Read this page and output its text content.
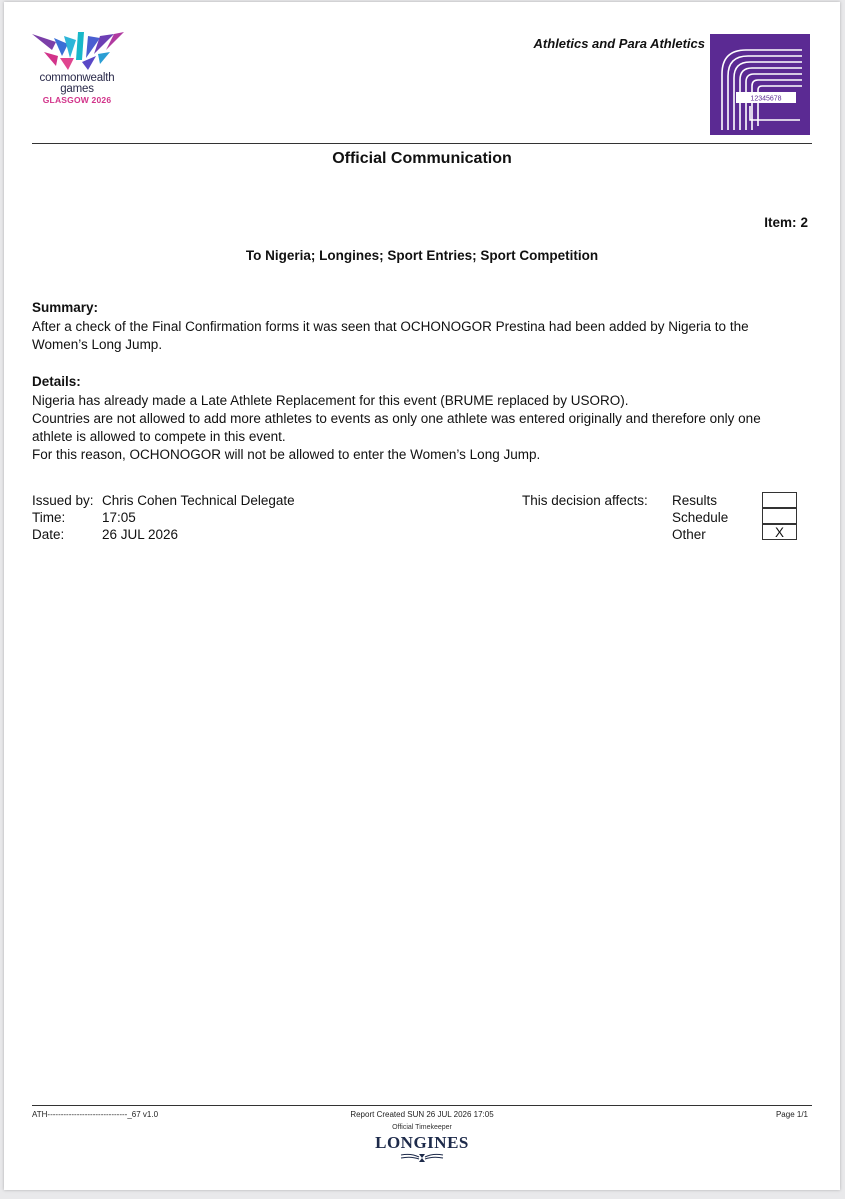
commonwealth
games
GLASGOW 2026
Athletics and Para Athletics
12345678
Official Communication
Item: 2
To Nigeria; Longines; Sport Entries; Sport Competition
Summary:

After a check of the Final Confirmation forms it was seen that OCHONOGOR Prestina had been added by Nigeria to the

Women’s Long Jump.

Details:

Nigeria has already made a Late Athlete Replacement for this event (BRUME replaced by USORO).

Countries are not allowed to add more athletes to events as only one athlete was entered originally and therefore only one

athlete is allowed to compete in this event.

For this reason, OCHONOGOR will not be allowed to enter the Women’s Long Jump.

Issued by: Chris Cohen Technical Delegate
Time:	17:05
Date:	26 JUL 2026
This decision affects: Results
Schedule
Other	X
ATH------------------------------_67 v1.0	Report Created SUN 26 JUL 2026 17:05	Page 1/1
Official Timekeeper
LONGINES
